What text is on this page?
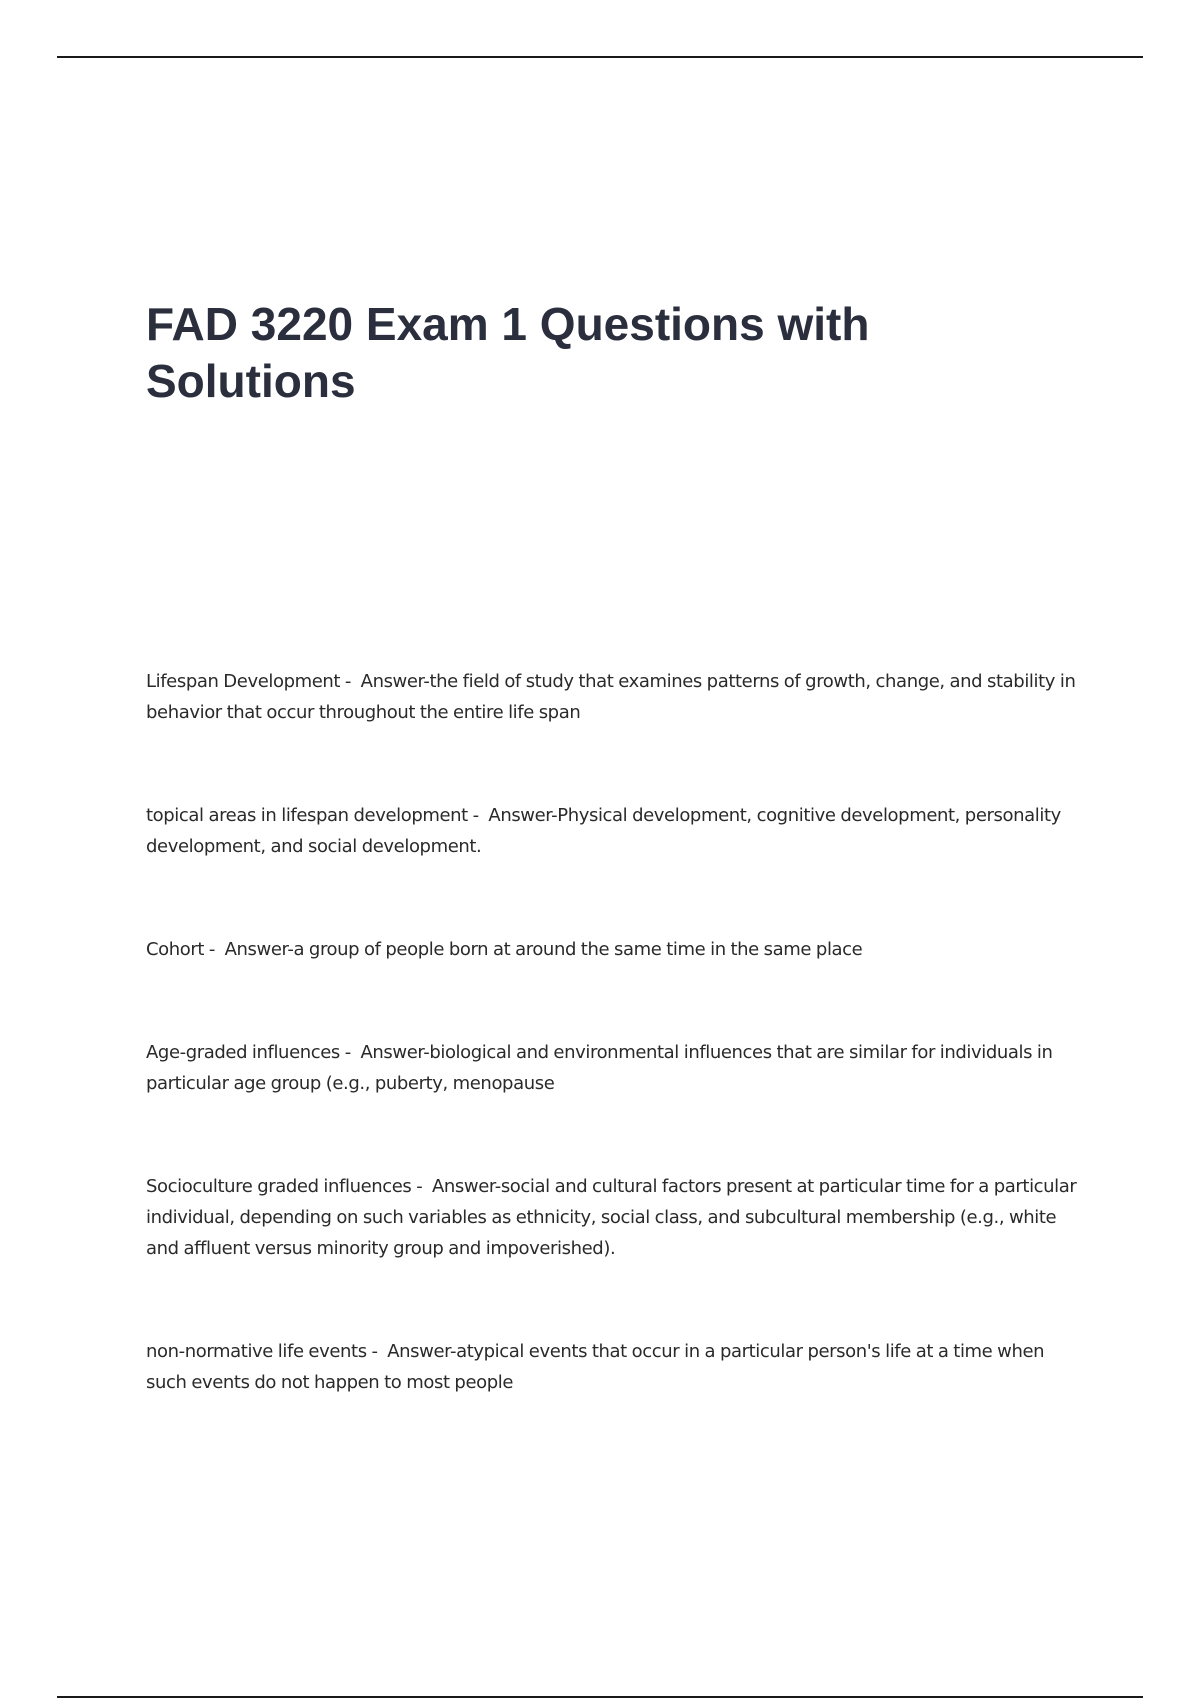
FAD 3220 Exam 1 Questions with Solutions

Lifespan Development -  Answer-the field of study that examines patterns of growth, change, and stability in behavior that occur throughout the entire life span

topical areas in lifespan development -  Answer-Physical development, cognitive development, personality development, and social development.

Cohort -  Answer-a group of people born at around the same time in the same place

Age-graded influences -  Answer-biological and environmental influences that are similar for individuals in particular age group (e.g., puberty, menopause

Socioculture graded influences -  Answer-social and cultural factors present at particular time for a particular individual, depending on such variables as ethnicity, social class, and subcultural membership (e.g., white and affluent versus minority group and impoverished).

non-normative life events -  Answer-atypical events that occur in a particular person's life at a time when such events do not happen to most people
